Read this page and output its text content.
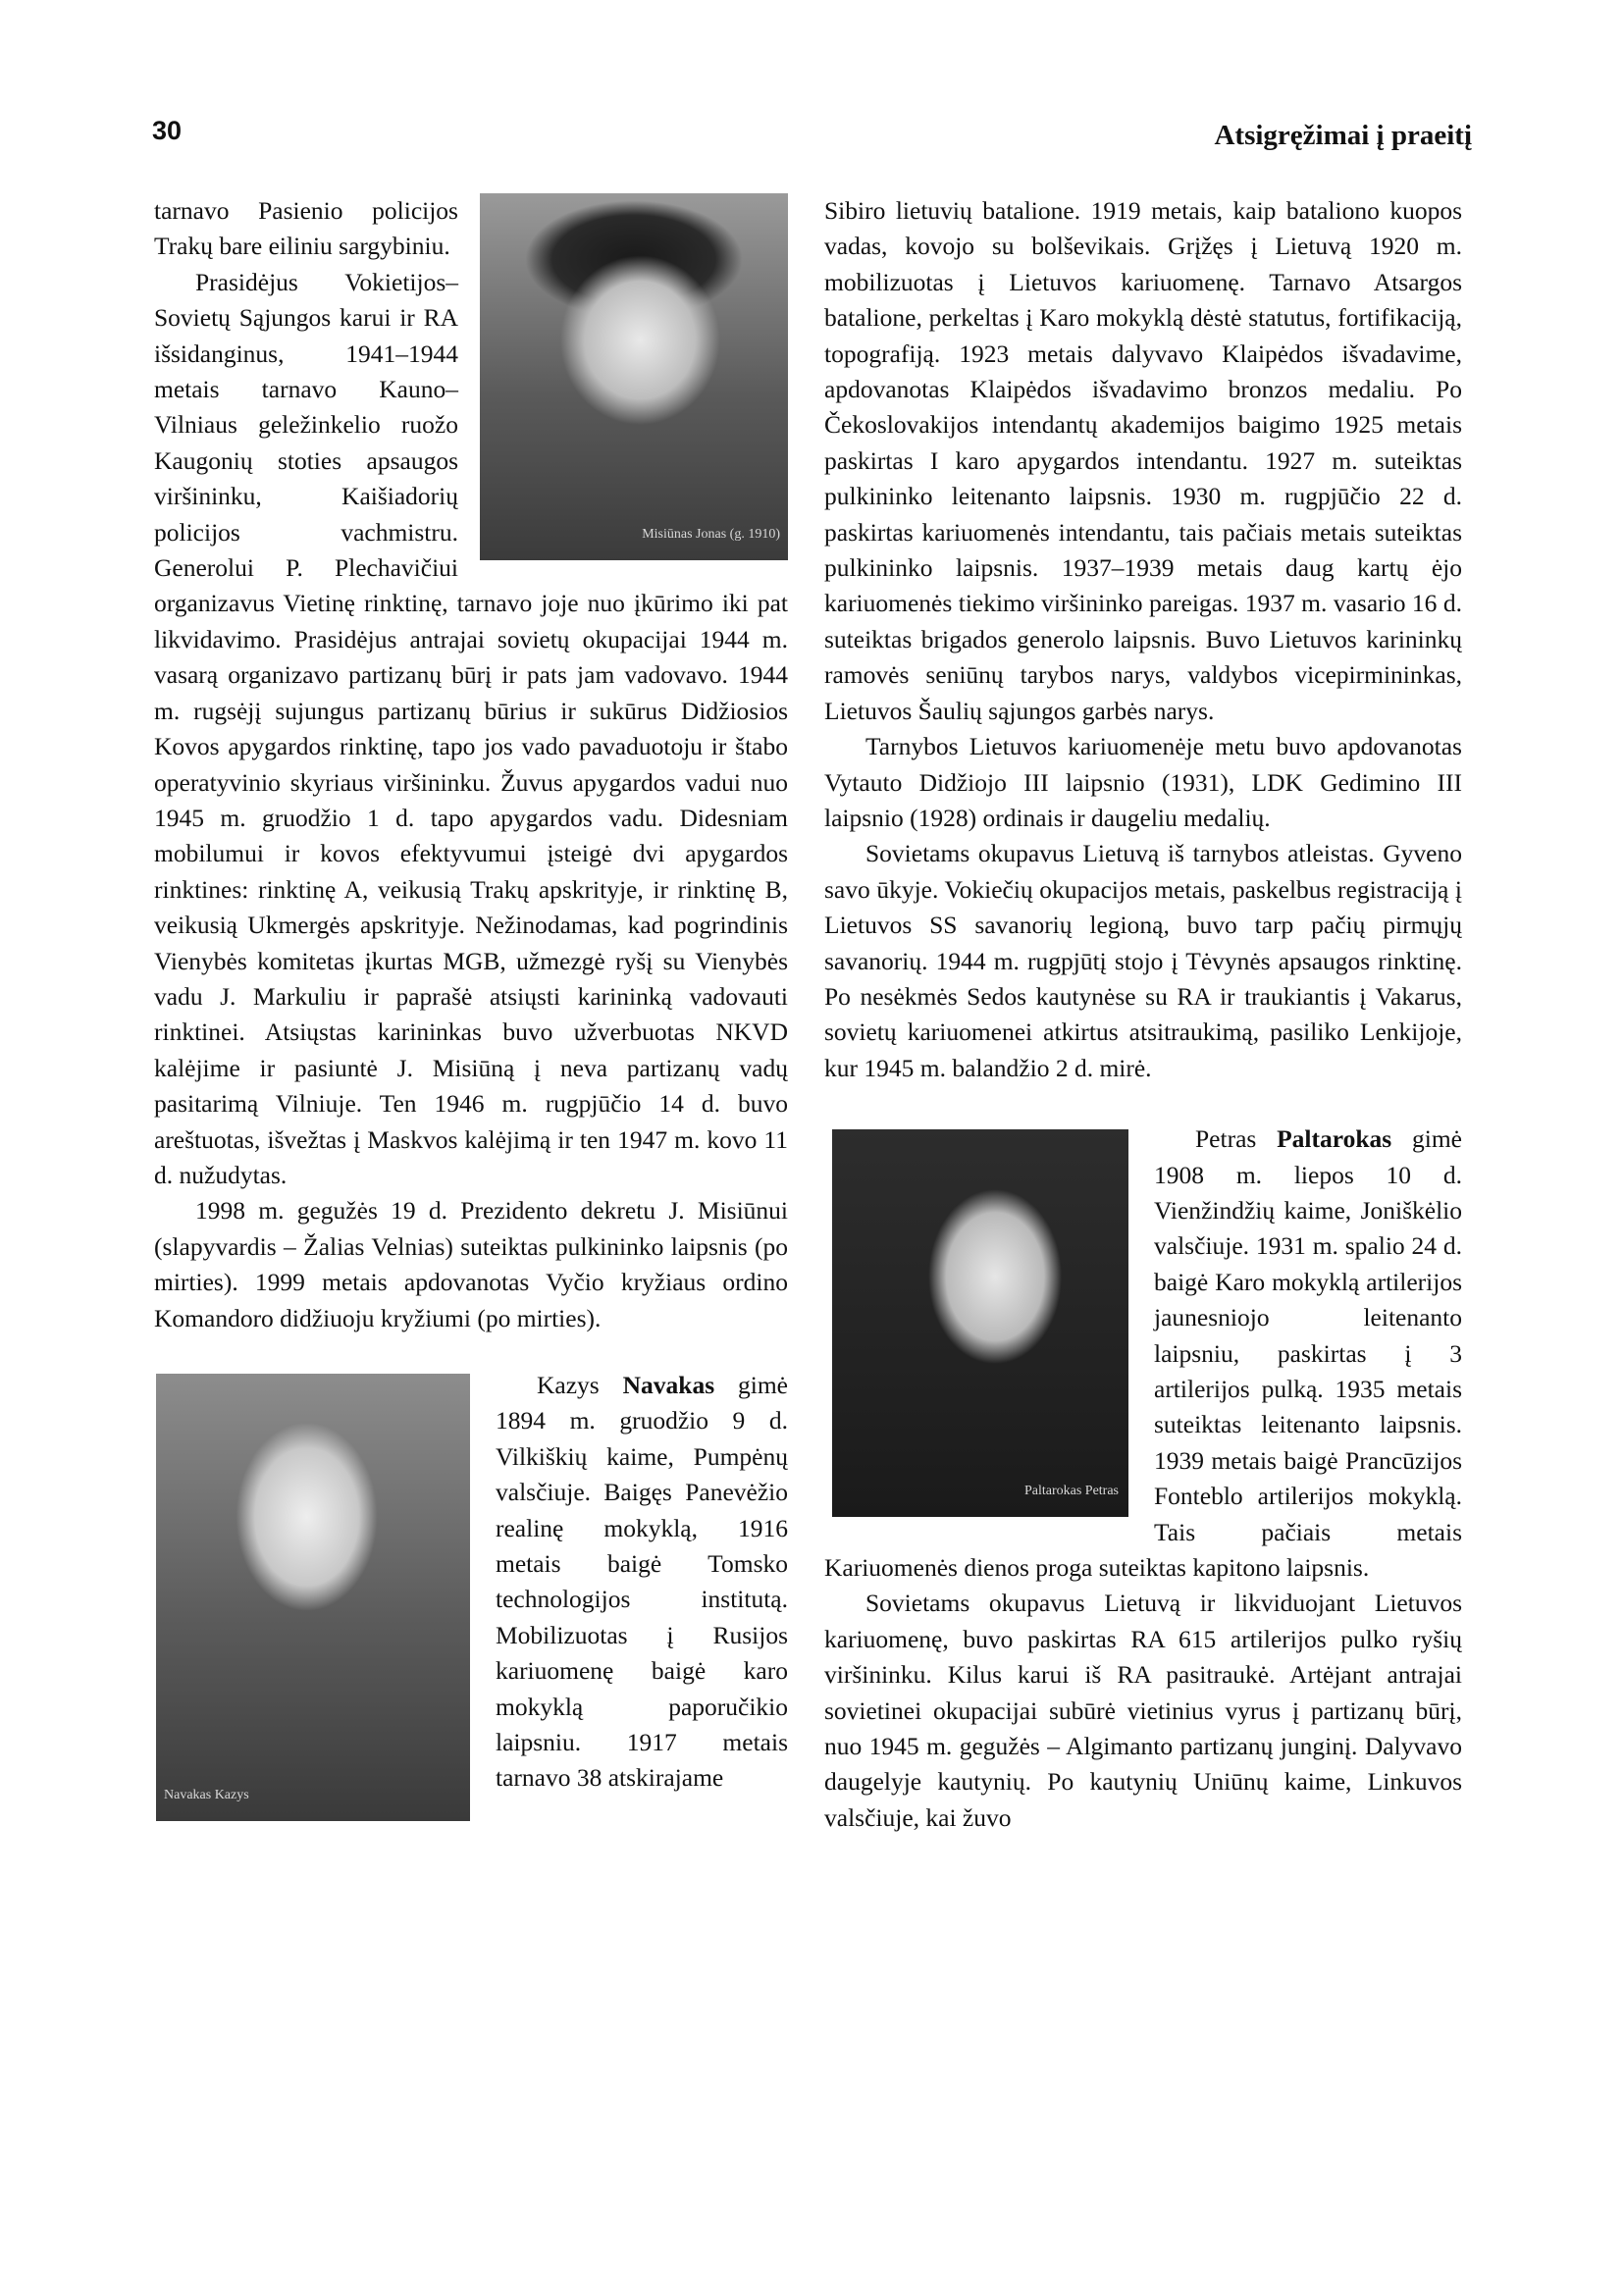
30	Atsigręžimai į praeitį
Misiūnas Jonas (g. 1910)

tarnavo Pasienio policijos Trakų bare eiliniu sargybiniu.

Prasidėjus Vokietijos–Sovietų Sąjungos karui ir RA išsidanginus, 1941–1944 metais tarnavo Kauno–Vilniaus geležinkelio ruožo Kaugonių stoties apsaugos viršininku, Kaišiadorių policijos vachmistru. Generolui P. Plechavičiui organizavus Vietinę rinktinę, tarnavo joje nuo įkūrimo iki pat likvidavimo. Prasidėjus antrajai sovietų okupacijai 1944 m. vasarą organizavo partizanų būrį ir pats jam vadovavo. 1944 m. rugsėjį sujungus partizanų būrius ir sukūrus Didžiosios Kovos apygardos rinktinę, tapo jos vado pavaduotoju ir štabo operatyvinio skyriaus viršininku. Žuvus apygardos vadui nuo 1945 m. gruodžio 1 d. tapo apygardos vadu. Didesniam mobilumui ir kovos efektyvumui įsteigė dvi apygardos rinktines: rinktinę A, veikusią Trakų apskrityje, ir rinktinę B, veikusią Ukmergės apskrityje. Nežinodamas, kad pogrindinis Vienybės komitetas įkurtas MGB, užmezgė ryšį su Vienybės vadu J. Markuliu ir paprašė atsiųsti karininką vadovauti rinktinei. Atsiųstas karininkas buvo užverbuotas NKVD kalėjime ir pasiuntė J. Misiūną į neva partizanų vadų pasitarimą Vilniuje. Ten 1946 m. rugpjūčio 14 d. buvo areštuotas, išvežtas į Maskvos kalėjimą ir ten 1947 m. kovo 11 d. nužudytas.

1998 m. gegužės 19 d. Prezidento dekretu J. Misiūnui (slapyvardis – Žalias Velnias) suteiktas pulkininko laipsnis (po mirties). 1999 metais apdovanotas Vyčio kryžiaus ordino Komandoro didžiuoju kryžiumi (po mirties).

Navakas Kazys

Kazys Navakas gimė 1894 m. gruodžio 9 d. Vilkiškių kaime, Pumpėnų valsčiuje. Baigęs Panevėžio realinę mokyklą, 1916 metais baigė Tomsko technologijos institutą. Mobilizuotas į Rusijos kariuomenę baigė karo mokyklą paporučikio laipsniu. 1917 metais tarnavo 38 atskirajame

Sibiro lietuvių batalione. 1919 metais, kaip bataliono kuopos vadas, kovojo su bolševikais. Grįžęs į Lietuvą 1920 m. mobilizuotas į Lietuvos kariuomenę. Tarnavo Atsargos batalione, perkeltas į Karo mokyklą dėstė statutus, fortifikaciją, topografiją. 1923 metais dalyvavo Klaipėdos išvadavime, apdovanotas Klaipėdos išvadavimo bronzos medaliu. Po Čekoslovakijos intendantų akademijos baigimo 1925 metais paskirtas I karo apygardos intendantu. 1927 m. suteiktas pulkininko leitenanto laipsnis. 1930 m. rugpjūčio 22 d. paskirtas kariuomenės intendantu, tais pačiais metais suteiktas pulkininko laipsnis. 1937–1939 metais daug kartų ėjo kariuomenės tiekimo viršininko pareigas. 1937 m. vasario 16 d. suteiktas brigados generolo laipsnis. Buvo Lietuvos karininkų ramovės seniūnų tarybos narys, valdybos vicepirmininkas, Lietuvos Šaulių sąjungos garbės narys.

Tarnybos Lietuvos kariuomenėje metu buvo apdovanotas Vytauto Didžiojo III laipsnio (1931), LDK Gedimino III laipsnio (1928) ordinais ir daugeliu medalių.

Sovietams okupavus Lietuvą iš tarnybos atleistas. Gyveno savo ūkyje. Vokiečių okupacijos metais, paskelbus registraciją į Lietuvos SS savanorių legioną, buvo tarp pačių pirmųjų savanorių. 1944 m. rugpjūtį stojo į Tėvynės apsaugos rinktinę. Po nesėkmės Sedos kautynėse su RA ir traukiantis į Vakarus, sovietų kariuomenei atkirtus atsitraukimą, pasiliko Lenkijoje, kur 1945 m. balandžio 2 d. mirė.

Paltarokas Petras

Petras Paltarokas gimė 1908 m. liepos 10 d. Vienžindžių kaime, Joniškėlio valsčiuje. 1931 m. spalio 24 d. baigė Karo mokyklą artilerijos jaunesniojo leitenanto laipsniu, paskirtas į 3 artilerijos pulką. 1935 metais suteiktas leitenanto laipsnis. 1939 metais baigė Prancūzijos Fonteblo artilerijos mokyklą. Tais pačiais metais Kariuomenės dienos proga suteiktas kapitono laipsnis.

Sovietams okupavus Lietuvą ir likviduojant Lietuvos kariuomenę, buvo paskirtas RA 615 artilerijos pulko ryšių viršininku. Kilus karui iš RA pasitraukė. Artėjant antrajai sovietinei okupacijai subūrė vietinius vyrus į partizanų būrį, nuo 1945 m. gegužės – Algimanto partizanų junginį. Dalyvavo daugelyje kautynių. Po kautynių Uniūnų kaime, Linkuvos valsčiuje, kai žuvo
